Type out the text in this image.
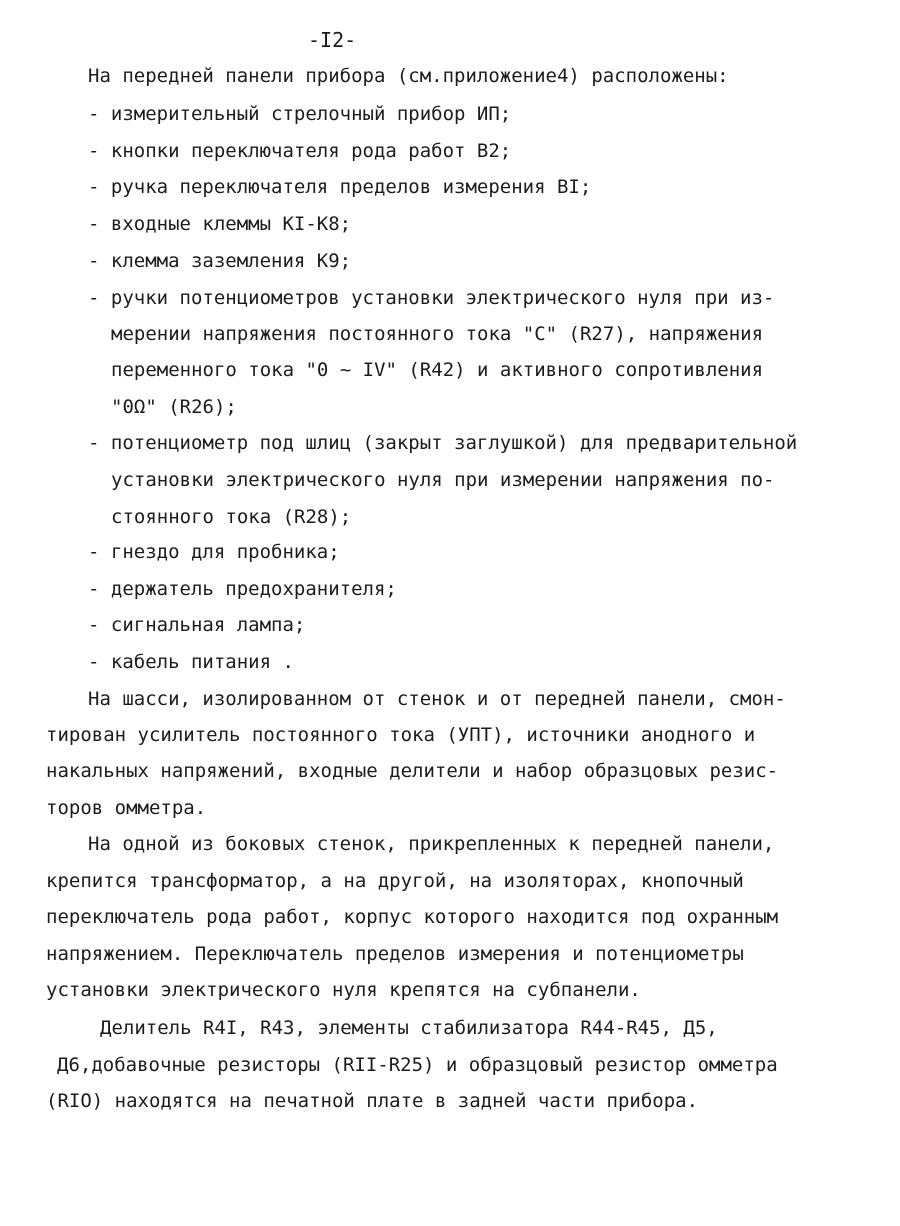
-I2-
На передней панели прибора (см.приложение4) расположены:
- измерительный стрелочный прибор ИП;
- кнопки переключателя рода работ В2;
- ручка переключателя пределов измерения ВI;
- входные клеммы КI-К8;
- клемма заземления К9;
- ручки потенциометров установки электрического нуля при из-
мерении напряжения постоянного тока "С" (R27), напряжения
переменного тока "0 ~ IV" (R42) и активного сопротивления
"0Ω" (R26);
- потенциометр под шлиц (закрыт заглушкой) для предварительной
установки электрического нуля при измерении напряжения по-
стоянного тока (R28);
- гнездо для пробника;
- держатель предохранителя;
- сигнальная лампа;
- кабель питания .
На шасси, изолированном от стенок и от передней панели, смон-
тирован усилитель постоянного тока (УПТ), источники анодного и
накальных напряжений, входные делители и набор образцовых резис-
торов омметра.
На одной из боковых стенок, прикрепленных к передней панели,
крепится трансформатор, а на другой, на изоляторах, кнопочный
переключатель рода работ, корпус которого находится под охранным
напряжением. Переключатель пределов измерения и потенциометры
установки электрического нуля крепятся на субпанели.
Делитель R4I, R43, элементы стабилизатора R44-R45, Д5,
Д6,добавочные резисторы (RII-R25) и образцовый резистор омметра
(RIO) находятся на печатной плате в задней части прибора.
